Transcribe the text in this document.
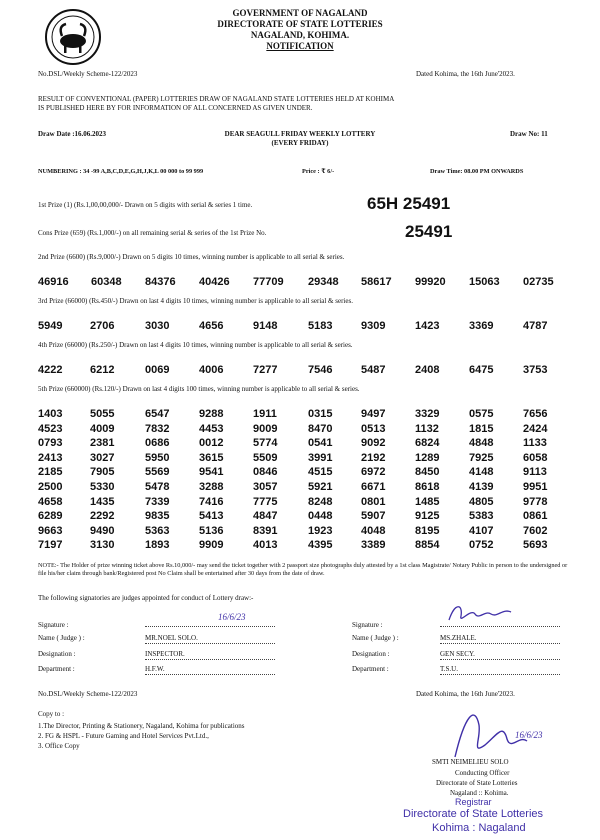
GOVERNMENT OF NAGALAND
DIRECTORATE OF STATE LOTTERIES
NAGALAND, KOHIMA.
NOTIFICATION
No.DSL/Weekly Scheme-122/2023	Dated Kohima, the 16th June'2023.
RESULT OF CONVENTIONAL (PAPER) LOTTERIES DRAW OF NAGALAND STATE LOTTERIES HELD AT KOHIMA
IS PUBLISHED HERE BY FOR INFORMATION OF ALL CONCERNED AS GIVEN UNDER.
Draw Date :16.06.2023	DEAR SEAGULL FRIDAY WEEKLY LOTTERY
(EVERY FRIDAY)
Draw No: 11
NUMBERING : 34 -99 A,B,C,D,E,G,H,J,K,L 00 000 to 99 999	Price : ₹ 6/-	Draw Time: 08.00 PM ONWARDS
1st Prize (1) (Rs.1,00,00,000/- Drawn on 5 digits with serial & series 1 time.	65H 25491
Cons Prize (659) (Rs.1,000/-) on all remaining serial & series of the 1st Prize No.	25491
2nd Prize (6600) (Rs.9,000/-) Drawn on 5 digits 10 times, winning number is applicable to all serial & series.
46916 60348 84376 40426 77709 29348 58617 99920 15063 02735
3rd Prize (66000) (Rs.450/-) Drawn on last 4 digits 10 times, winning number is applicable to all serial & series.
5949	2706	3030	4656	9148	5183	9309	1423	3369	4787
4th Prize (66000) (Rs.250/-) Drawn on last 4 digits 10 times, winning number is applicable to all serial & series.
4222	6212	0069	4006	7277	7546	5487	2408	6475	3753
5th Prize (660000) (Rs.120/-) Drawn on last 4 digits 100 times, winning number is applicable to all serial & series.
1403	5055	6547	9288	1911	0315	9497	3329	0575	7656
4523	4009	7832	4453	9009	8470	0513	1132	1815	2424
0793	2381	0686	0012	5774	0541	9092	6824	4848	1133
2413	3027	5950	3615	5509	3991	2192	1289	7925	6058
2185	7905	5569	9541	0846	4515	6972	8450	4148	9113
2500	5330	5478	3288	3057	5921	6671	8618	4139	9951
4658	1435	7339	7416	7775	8248	0801	1485	4805	9778
6289	2292	9835	5413	4847	0448	5907	9125	5383	0861
9663	9490	5363	5136	8391	1923	4048	8195	4107	7602
7197	3130	1893	9909	4013	4395	3389	8854	0752	5693
NOTE:- The Holder of prize winning ticket above Rs.10,000/- may send the ticket together with 2 passport size photographs duly attested by a 1st class Magistrate/ Notary Public in person to the undersigned or file his/her claim through bank/Registered post No Claim shall be entertained after 30 days from the date of draw.
The following signatories are judges appointed for conduct of Lottery draw:-
Signature :
16/6/23
Name ( Judge ) :	MR.NOEL SOLO.
Designation :	INSPECTOR.
Department :	H.F.W.
Signature :
Name ( Judge ) :	MS.ZHALE.
Designation :	GEN SECY.
Department :	T.S.U.
No.DSL/Weekly Scheme-122/2023	Dated Kohima, the 16th June'2023.
Copy to :
1.The Director, Printing & Stationery, Nagaland, Kohima for publications
2. FG & HSPL - Future Gaming and Hotel Services Pvt.Ltd.,
3. Office Copy
16/6/23
SMTI NEIMELIEU SOLO
Conducting Officer
Directorate of State Lotteries
Nagaland :: Kohima.
Registrar
Directorate of State Lotteries
Kohima : Nagaland
